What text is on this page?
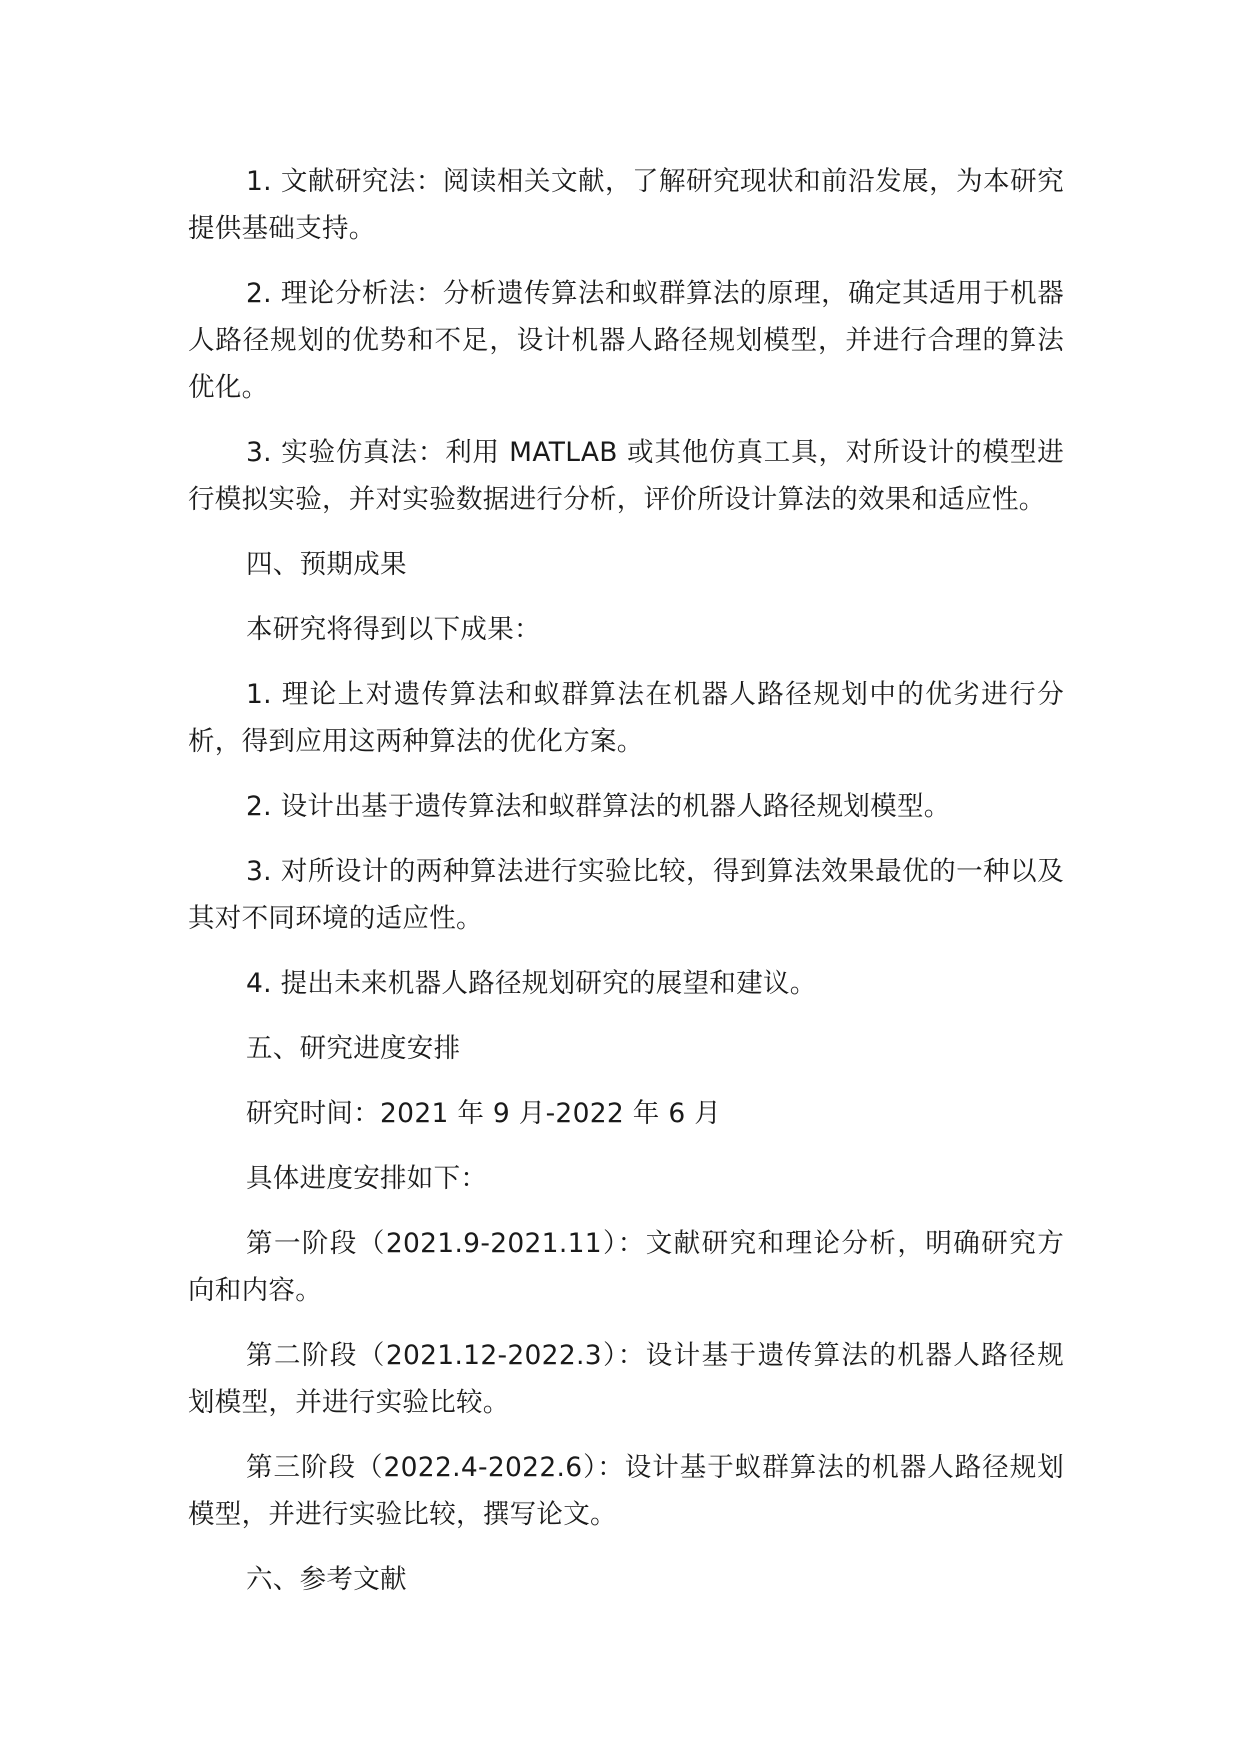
1. 文献研究法：阅读相关文献，了解研究现状和前沿发展，为本研究提供基础支持。

2. 理论分析法：分析遗传算法和蚁群算法的原理，确定其适用于机器人路径规划的优势和不足，设计机器人路径规划模型，并进行合理的算法优化。

3. 实验仿真法：利用 MATLAB 或其他仿真工具，对所设计的模型进行模拟实验，并对实验数据进行分析，评价所设计算法的效果和适应性。

四、预期成果

本研究将得到以下成果：

1. 理论上对遗传算法和蚁群算法在机器人路径规划中的优劣进行分析，得到应用这两种算法的优化方案。

2. 设计出基于遗传算法和蚁群算法的机器人路径规划模型。

3. 对所设计的两种算法进行实验比较，得到算法效果最优的一种以及其对不同环境的适应性。

4. 提出未来机器人路径规划研究的展望和建议。

五、研究进度安排

研究时间：2021 年 9 月-2022 年 6 月

具体进度安排如下：

第一阶段（2021.9-2021.11）：文献研究和理论分析，明确研究方向和内容。

第二阶段（2021.12-2022.3）：设计基于遗传算法的机器人路径规划模型，并进行实验比较。

第三阶段（2022.4-2022.6）：设计基于蚁群算法的机器人路径规划模型，并进行实验比较，撰写论文。

六、参考文献
